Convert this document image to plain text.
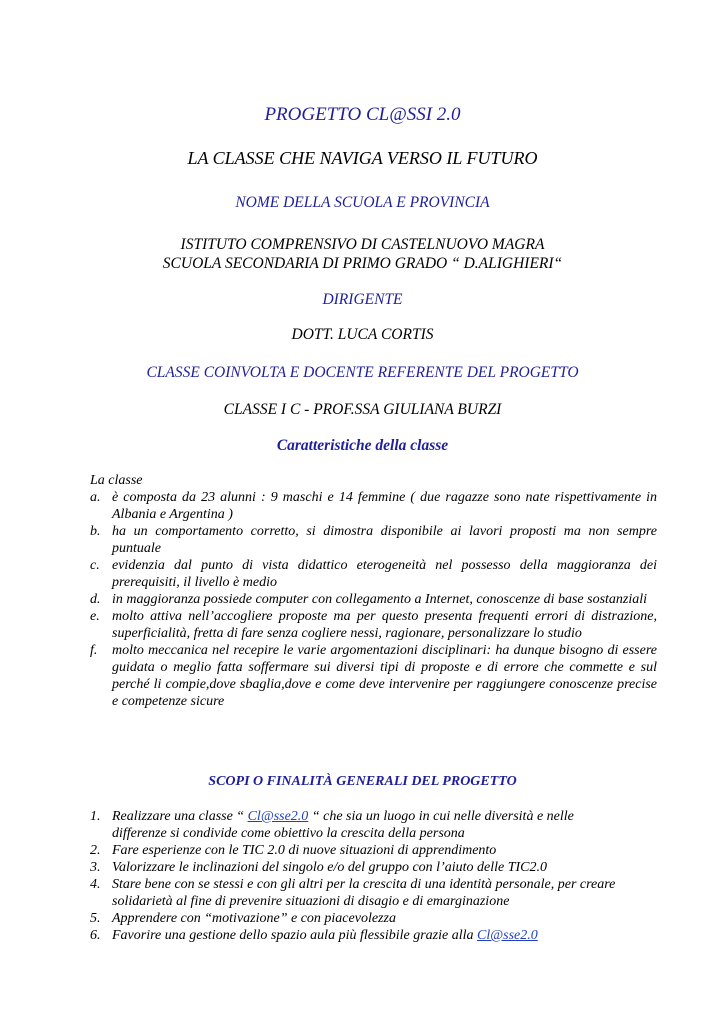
PROGETTO CL@SSI 2.0
LA CLASSE CHE NAVIGA VERSO IL FUTURO
NOME DELLA SCUOLA E PROVINCIA
ISTITUTO COMPRENSIVO DI CASTELNUOVO MAGRA
SCUOLA SECONDARIA DI PRIMO GRADO “ D.ALIGHIERI“
DIRIGENTE
DOTT. LUCA CORTIS
CLASSE COINVOLTA E DOCENTE REFERENTE DEL PROGETTO
CLASSE I C - PROF.SSA GIULIANA BURZI
Caratteristiche della classe
La classe
a. è composta da 23 alunni : 9 maschi e 14 femmine ( due ragazze sono nate rispettivamente in Albania e Argentina )
b. ha un comportamento corretto, si dimostra disponibile ai lavori proposti ma non sempre puntuale
c. evidenzia dal punto di vista didattico eterogeneità nel possesso della maggioranza dei prerequisiti, il livello è medio
d. in maggioranza possiede computer con collegamento a Internet, conoscenze di base sostanziali
e. molto attiva nell’accogliere proposte ma per questo presenta frequenti errori di distrazione, superficialità, fretta di fare senza cogliere nessi, ragionare, personalizzare lo studio
f. molto meccanica nel recepire le varie argomentazioni disciplinari: ha dunque bisogno di essere guidata o meglio fatta soffermare sui diversi tipi di proposte e di errore che commette e sul perché li compie,dove sbaglia,dove e come deve intervenire per raggiungere conoscenze precise e competenze sicure
SCOPI O FINALITÀ GENERALI DEL PROGETTO
1. Realizzare una classe “ Cl@sse2.0 “ che sia un luogo in cui nelle diversità e nelle
differenze si condivide come obiettivo la crescita della persona
2. Fare esperienze con le TIC 2.0 di nuove situazioni di apprendimento
3. Valorizzare le inclinazioni del singolo e/o del gruppo con l’aiuto delle TIC2.0
4. Stare bene con se stessi e con gli altri per la crescita di una identità personale, per creare solidarietà al fine di prevenire situazioni di disagio e di emarginazione
5. Apprendere con “motivazione” e con piacevolezza
6. Favorire una gestione dello spazio aula più flessibile grazie alla Cl@sse2.0
